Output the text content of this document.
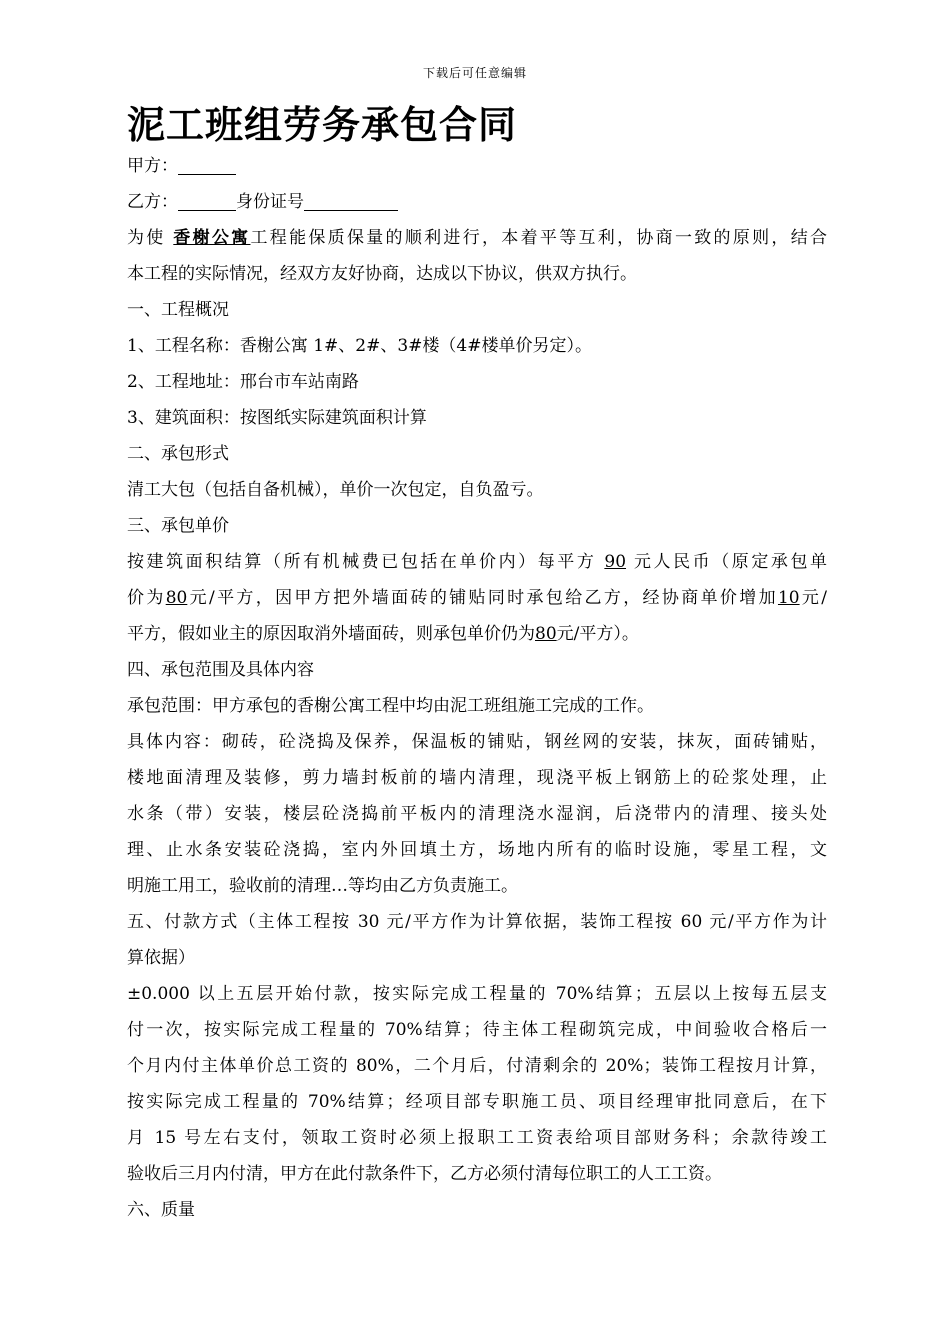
下载后可任意编辑
泥工班组劳务承包合同

甲方：

乙方：	身份证号

为使 香榭公寓工程能保质保量的顺利进行，本着平等互利，协商一致的原则，结合

本工程的实际情况，经双方友好协商，达成以下协议，供双方执行。

一、工程概况

1、工程名称：香榭公寓 1#、2#、3#楼（4#楼单价另定）。

2、工程地址：邢台市车站南路

3、建筑面积：按图纸实际建筑面积计算

二、承包形式

清工大包（包括自备机械），单价一次包定，自负盈亏。

三、承包单价

按建筑面积结算（所有机械费已包括在单价内）每平方 90 元人民币（原定承包单

价为80元/平方，因甲方把外墙面砖的铺贴同时承包给乙方，经协商单价增加10元/

平方，假如业主的原因取消外墙面砖，则承包单价仍为80元/平方）。

四、承包范围及具体内容

承包范围：甲方承包的香榭公寓工程中均由泥工班组施工完成的工作。

具体内容：砌砖，砼浇捣及保养，保温板的铺贴，钢丝网的安装，抹灰，面砖铺贴，

楼地面清理及装修，剪力墙封板前的墙内清理，现浇平板上钢筋上的砼浆处理，止

水条（带）安装，楼层砼浇捣前平板内的清理浇水湿润，后浇带内的清理、接头处

理、止水条安装砼浇捣，室内外回填土方，场地内所有的临时设施，零星工程，文

明施工用工，验收前的清理…等均由乙方负责施工。

五、付款方式（主体工程按 30 元/平方作为计算依据，装饰工程按 60 元/平方作为计

算依据）

±0.000 以上五层开始付款，按实际完成工程量的 70%结算；五层以上按每五层支

付一次，按实际完成工程量的 70%结算；待主体工程砌筑完成，中间验收合格后一

个月内付主体单价总工资的 80%，二个月后，付清剩余的 20%；装饰工程按月计算，

按实际完成工程量的 70%结算；经项目部专职施工员、项目经理审批同意后，在下

月 15 号左右支付，领取工资时必须上报职工工资表给项目部财务科；余款待竣工

验收后三月内付清，甲方在此付款条件下，乙方必须付清每位职工的人工工资。

六、质量
